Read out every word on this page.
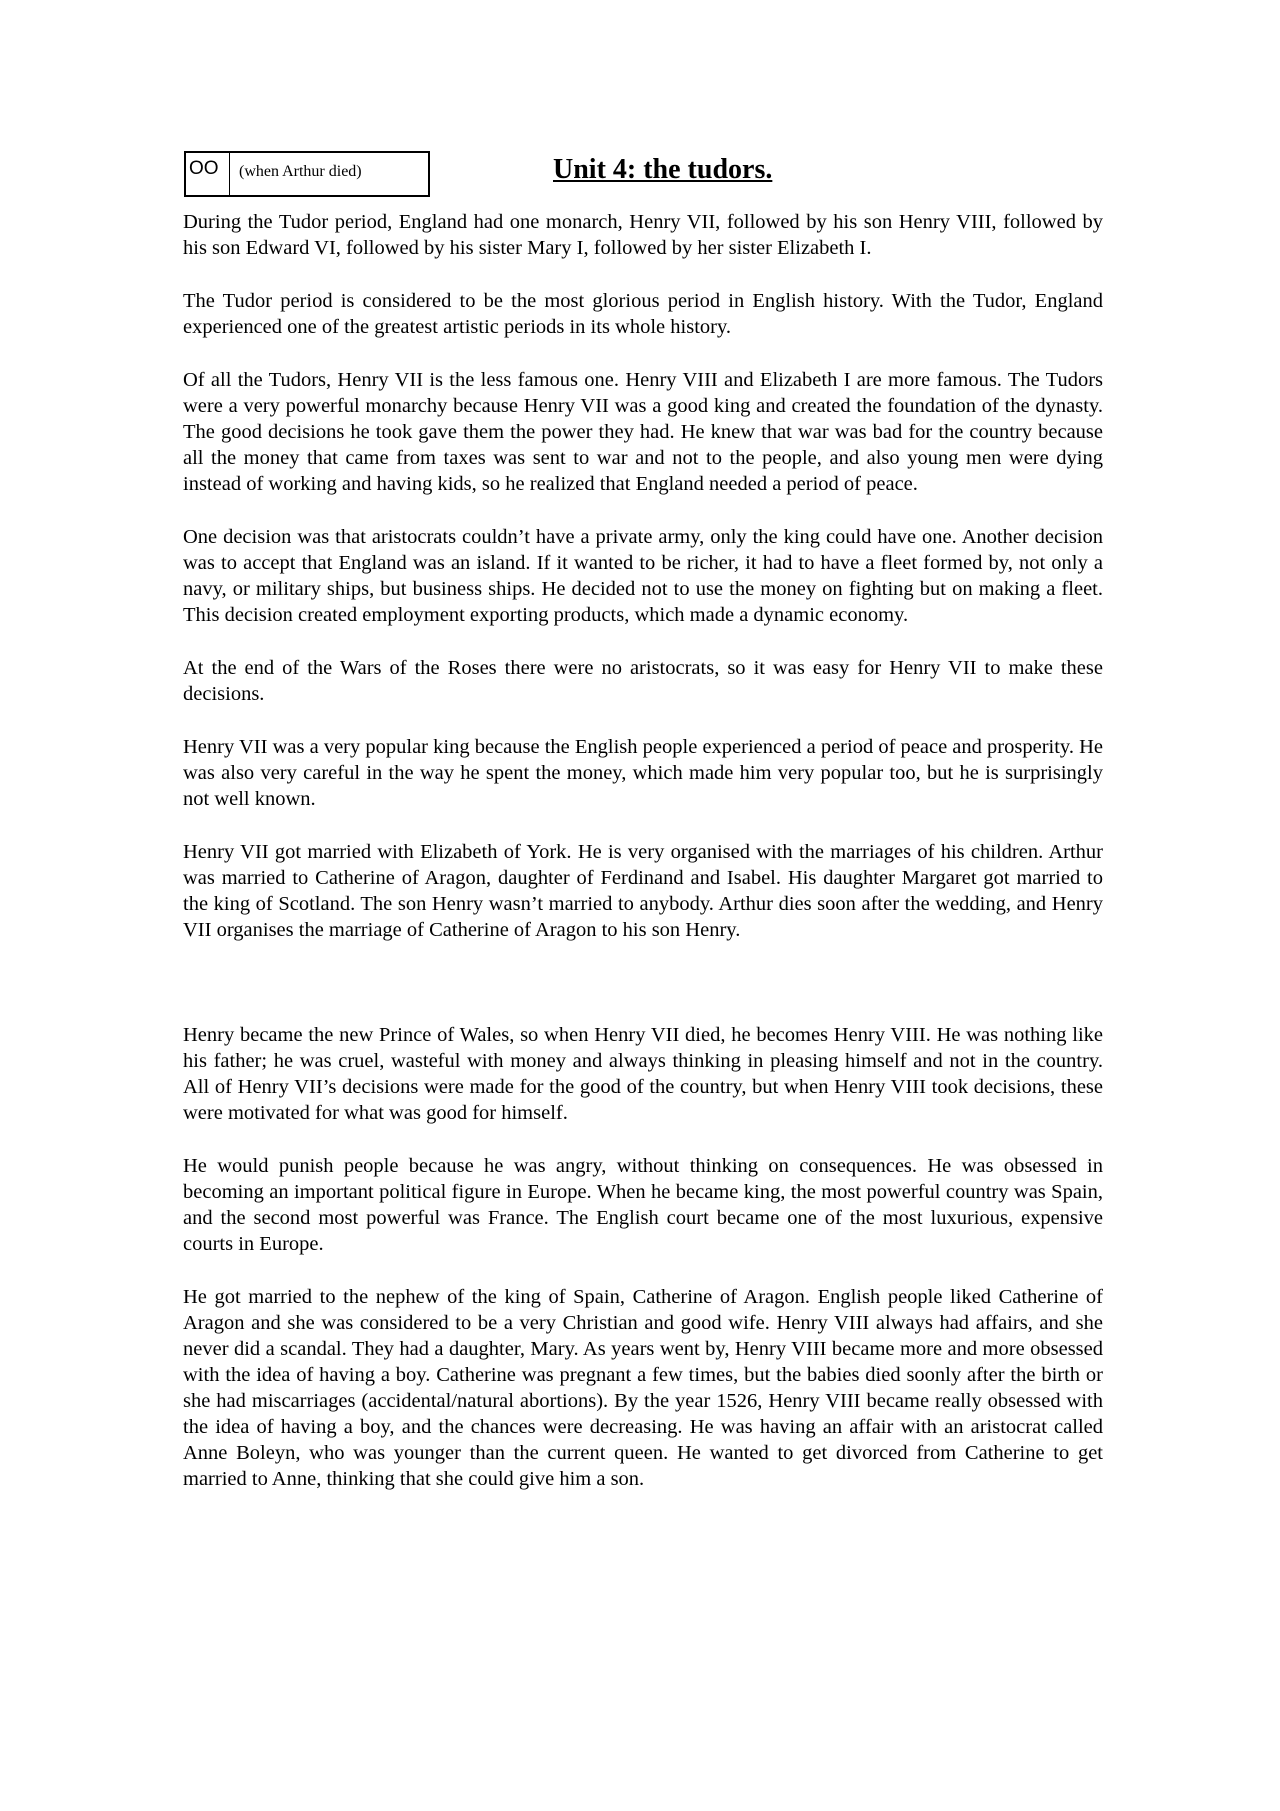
OO	(when Arthur died)	Unit 4: the tudors.

During the Tudor period, England had one monarch, Henry VII, followed by his son Henry VIII, followed by his son Edward VI, followed by his sister Mary I, followed by her sister Elizabeth I.

The Tudor period is considered to be the most glorious period in English history. With the Tudor, England experienced one of the greatest artistic periods in its whole history.

Of all the Tudors, Henry VII is the less famous one. Henry VIII and Elizabeth I are more famous. The Tudors were a very powerful monarchy because Henry VII was a good king and created the foundation of the dynasty. The good decisions he took gave them the power they had. He knew that war was bad for the country because all the money that came from taxes was sent to war and not to the people, and also young men were dying instead of working and having kids, so he realized that England needed a period of peace.

One decision was that aristocrats couldn’t have a private army, only the king could have one. Another decision was to accept that England was an island. If it wanted to be richer, it had to have a fleet formed by, not only a navy, or military ships, but business ships. He decided not to use the money on fighting but on making a fleet. This decision created employment exporting products, which made a dynamic economy.

At the end of the Wars of the Roses there were no aristocrats, so it was easy for Henry VII to make these decisions.

Henry VII was a very popular king because the English people experienced a period of peace and prosperity. He was also very careful in the way he spent the money, which made him very popular too, but he is surprisingly not well known.

Henry VII got married with Elizabeth of York. He is very organised with the marriages of his children. Arthur was married to Catherine of Aragon, daughter of Ferdinand and Isabel. His daughter Margaret got married to the king of Scotland. The son Henry wasn’t married to anybody. Arthur dies soon after the wedding, and Henry VII organises the marriage of Catherine of Aragon to his son Henry.

Henry became the new Prince of Wales, so when Henry VII died, he becomes Henry VIII. He was nothing like his father; he was cruel, wasteful with money and always thinking in pleasing himself and not in the country. All of Henry VII’s decisions were made for the good of the country, but when Henry VIII took decisions, these were motivated for what was good for himself.

He would punish people because he was angry, without thinking on consequences. He was obsessed in becoming an important political figure in Europe. When he became king, the most powerful country was Spain, and the second most powerful was France. The English court became one of the most luxurious, expensive courts in Europe.

He got married to the nephew of the king of Spain, Catherine of Aragon. English people liked Catherine of Aragon and she was considered to be a very Christian and good wife. Henry VIII always had affairs, and she never did a scandal. They had a daughter, Mary. As years went by, Henry VIII became more and more obsessed with the idea of having a boy. Catherine was pregnant a few times, but the babies died soonly after the birth or she had miscarriages (accidental/natural abortions). By the year 1526, Henry VIII became really obsessed with the idea of having a boy, and the chances were decreasing. He was having an affair with an aristocrat called Anne Boleyn, who was younger than the current queen. He wanted to get divorced from Catherine to get married to Anne, thinking that she could give him a son.
